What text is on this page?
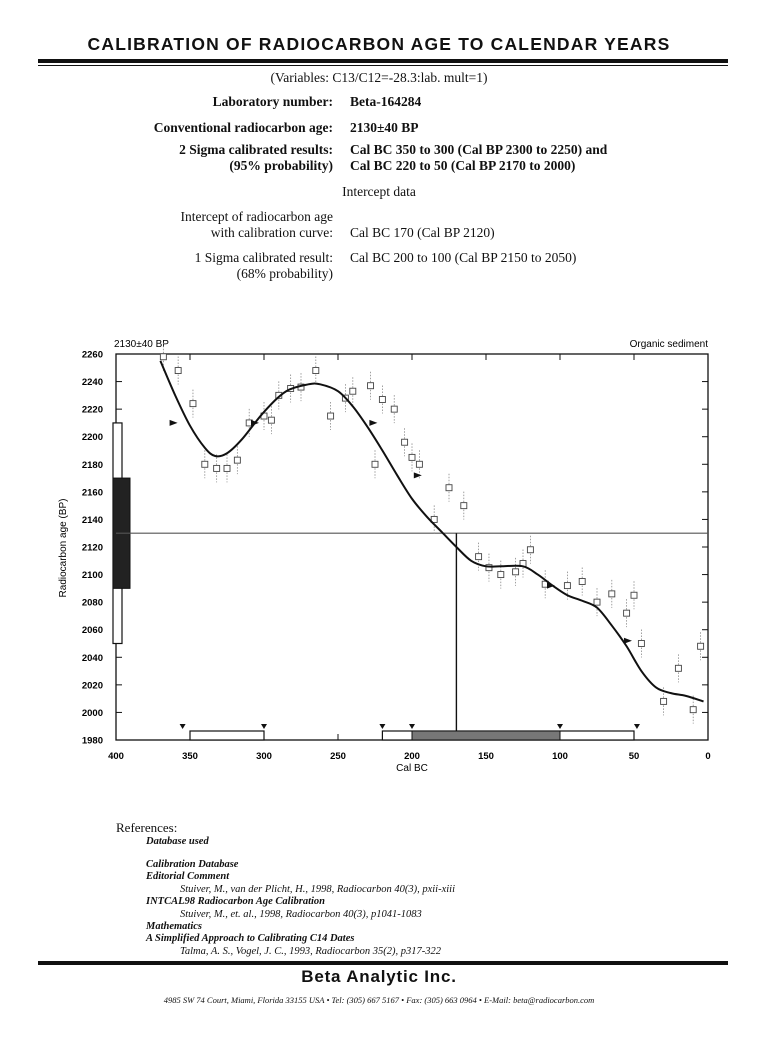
CALIBRATION OF RADIOCARBON AGE TO CALENDAR YEARS
(Variables: C13/C12=-28.3:lab. mult=1)
Laboratory number: Beta-164284
Conventional radiocarbon age: 2130±40 BP
2 Sigma calibrated results:
(95% probability)
Cal BC 350 to 300 (Cal BP 2300 to 2250) and
Cal BC 220 to 50 (Cal BP 2170 to 2000)
Intercept data
Intercept of radiocarbon age
with calibration curve: Cal BC 170 (Cal BP 2120)
1 Sigma calibrated result:
(68% probability)
Cal BC 200 to 100 (Cal BP 2150 to 2050)
2130±40 BP	Organic sediment
Radiocarbon age (BP)
Cal BC
1980
2000
2020
2040
2060
2080
2100
2120
2140
2160
2180
2200
2220
2240
2260
400	350	300	250	200	150	100	50	0
References:
Database used
Calibration Database
Editorial Comment
Stuiver, M., van der Plicht, H., 1998, Radiocarbon 40(3), pxii-xiii
INTCAL98 Radiocarbon Age Calibration
Stuiver, M., et. al., 1998, Radiocarbon 40(3), p1041-1083
Mathematics
A Simplified Approach to Calibrating C14 Dates
Talma, A. S., Vogel, J. C., 1993, Radiocarbon 35(2), p317-322
Beta Analytic Inc.
4985 SW 74 Court, Miami, Florida 33155 USA • Tel: (305) 667 5167 • Fax: (305) 663 0964 • E-Mail: beta@radiocarbon.com
